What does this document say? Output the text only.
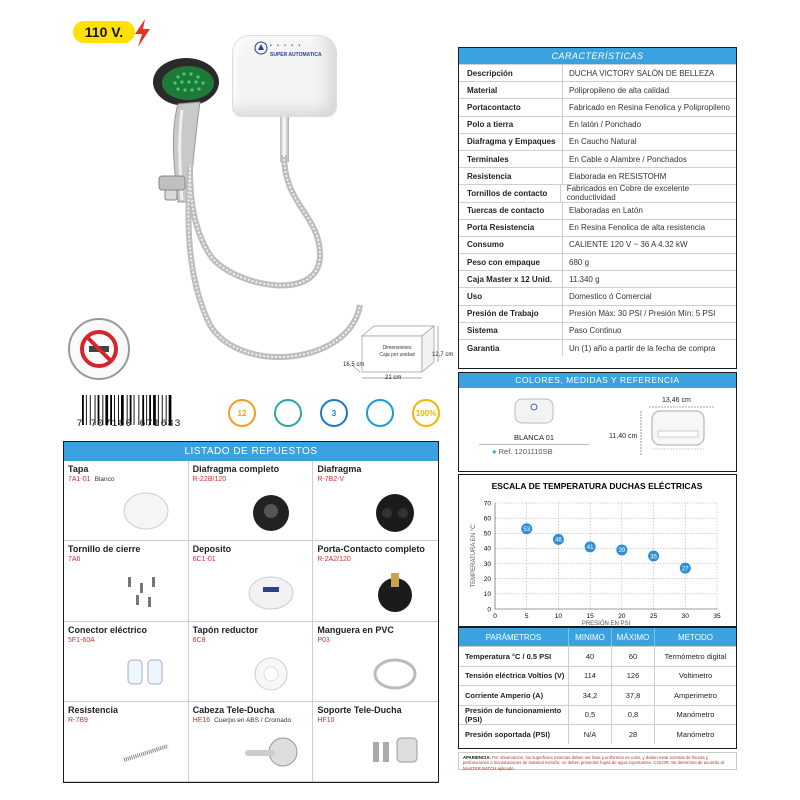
110 V.
• • • • •
SUPER AUTOMATICA
Dimensiones
Caja por unidad
21 cm
12,7 cm
16,5 cm
7 707180 671633
12	3	100%
LISTADO DE REPUESTOS
Tapa
7A1-01 Blanco
Diafragma completo
R-22B/120
Diafragma
R-7B2-V
Tornillo de cierre
7A6
Deposito
6C1-01
Porta-Contacto completo
R-2A2/120
Conector eléctrico
5F1-60A
Tapón reductor
6C8
Manguera en PVC
P03
Resistencia
R-7B9
Cabeza Tele-Ducha
HE16 Cuerpo en ABS / Cromado
Soporte Tele-Ducha
HF10
CARACTERÍSTICAS
Descripción	DUCHA VICTORY SALÓN DE BELLEZA
Material	Polipropileno de alta calidad
Portacontacto	Fabricado en Resina Fenolica y Polipropileno
Polo a tierra	En latón / Ponchado
Diafragma y Empaques	En Caucho Natural
Terminales	En Cable o Alambre / Ponchados
Resistencia	Elaborada en RESISTOHM
Tornillos de contacto	Fabricados en Cobre de excelente conductividad
Tuercas de contacto	Elaboradas en Latón
Porta Resistencia	En Resina Fenolica de alta resistencia
Consumo	CALIENTE 120 V ~ 36 A 4.32 kW
Peso con empaque	680 g
Caja Master x 12 Unid.	11.340 g
Uso	Domestico ó Comercial
Presión de Trabajo	Presión Máx: 30 PSI / Presión Mín: 5 PSI
Sistema	Paso Continuo
Garantia	Un (1) año a partir de la fecha de compra
COLORES, MEDIDAS Y REFERENCIA
BLANCA 01
● Ref. 1201110SB
13,46 cm
11,40 cm
ESCALA DE TEMPERATURA DUCHAS ELÉCTRICAS
0	5	10	15	20	25	30	35
0
10
20
30
40
50
60
70
PRESIÓN EN PSI
TEMPERATURA EN °C	53
46
41
39
35
27
PARÁMETROS	MINIMO	MÁXIMO	METODO
Temperatura °C / 0.5 PSI	40	60	Termómetro digital
Tensión eléctrica Voltios (V)	114	126	Voltimetro
Corriente Amperio (A)	34,2	37,8	Amperimetro
Presión de funcionamiento (PSI)	0,5	0,8	Manómetro
Presión soportada (PSI)	N/A	28	Manómetro
APARIENCIA: Por observación, las superficies externas deben ser lisas y uniformes en color, y deben estar exentas de fisuras y perforaciones o incrustaciones de material extraño, no deben presentar fugas de agua importantes. COLOR: Se determina de acuerdo al MASTER BATCH aplicado.
